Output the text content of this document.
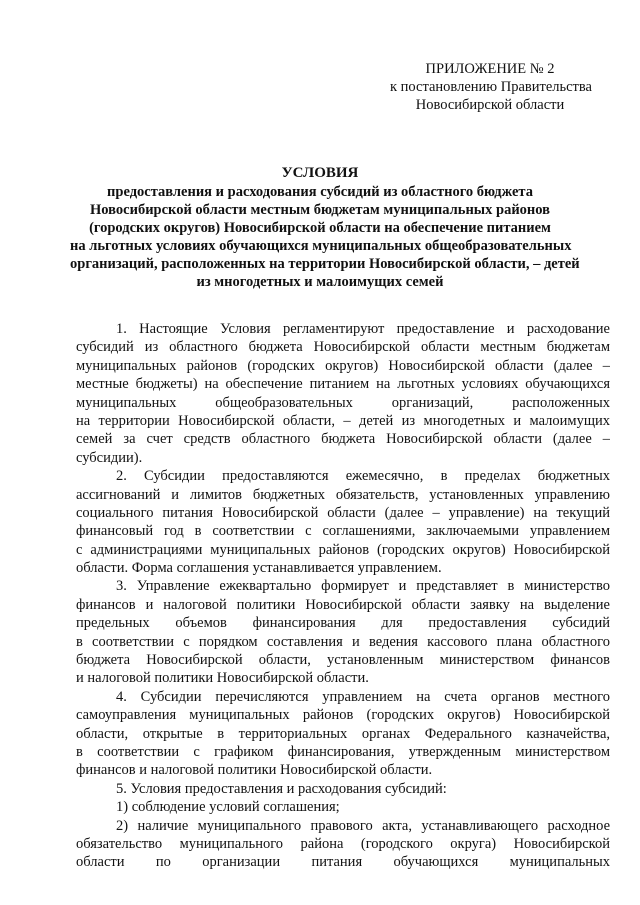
ПРИЛОЖЕНИЕ № 2
к постановлению Правительства
Новосибирской области
УСЛОВИЯ
предоставления и расходования субсидий из областного бюджета
Новосибирской области местным бюджетам муниципальных районов
(городских округов) Новосибирской области на обеспечение питанием
на льготных условиях обучающихся муниципальных общеобразовательных
организаций, расположенных на территории Новосибирской области, – детей
из многодетных и малоимущих семей
1. Настоящие Условия регламентируют предоставление и расходование
субсидий из областного бюджета Новосибирской области местным бюджетам
муниципальных районов (городских округов) Новосибирской области (далее –
местные бюджеты) на обеспечение питанием на льготных условиях обучающихся
муниципальных общеобразовательных организаций, расположенных
на территории Новосибирской области, – детей из многодетных и малоимущих
семей за счет средств областного бюджета Новосибирской области (далее –
субсидии).
2. Субсидии предоставляются ежемесячно, в пределах бюджетных
ассигнований и лимитов бюджетных обязательств, установленных управлению
социального питания Новосибирской области (далее – управление) на текущий
финансовый год в соответствии с соглашениями, заключаемыми управлением
с администрациями муниципальных районов (городских округов) Новосибирской
области. Форма соглашения устанавливается управлением.
3. Управление ежеквартально формирует и представляет в министерство
финансов и налоговой политики Новосибирской области заявку на выделение
предельных объемов финансирования для предоставления субсидий
в соответствии с порядком составления и ведения кассового плана областного
бюджета Новосибирской области, установленным министерством финансов
и налоговой политики Новосибирской области.
4. Субсидии перечисляются управлением на счета органов местного
самоуправления муниципальных районов (городских округов) Новосибирской
области, открытые в территориальных органах Федерального казначейства,
в соответствии с графиком финансирования, утвержденным министерством
финансов и налоговой политики Новосибирской области.
5. Условия предоставления и расходования субсидий:
1) соблюдение условий соглашения;
2) наличие муниципального правового акта, устанавливающего расходное
обязательство муниципального района (городского округа) Новосибирской
области по организации питания обучающихся муниципальных
